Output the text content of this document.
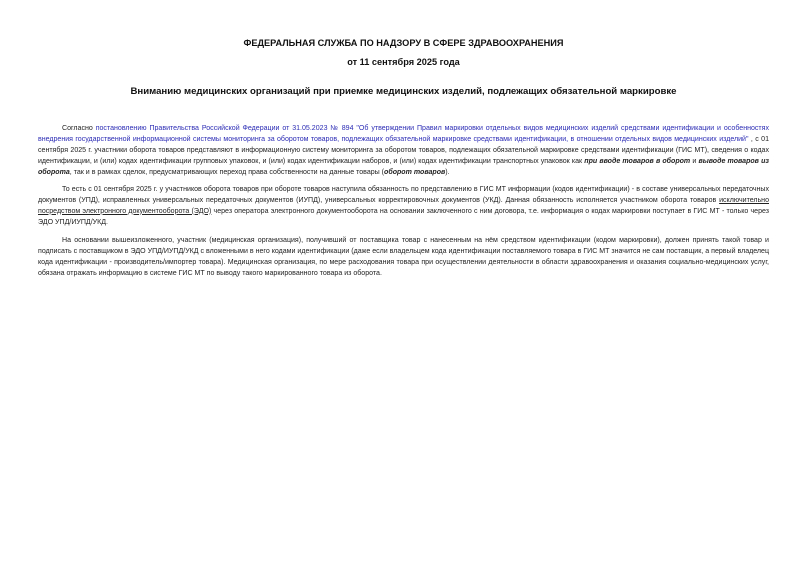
ФЕДЕРАЛЬНАЯ СЛУЖБА ПО НАДЗОРУ В СФЕРЕ ЗДРАВООХРАНЕНИЯ
от 11 сентября 2025 года
Вниманию медицинских организаций при приемке медицинских изделий, подлежащих обязательной маркировке

Согласно постановлению Правительства Российской Федерации от 31.05.2023 № 894 "Об утверждении Правил маркировки отдельных видов медицинских изделий средствами идентификации и особенностях внедрения государственной информационной системы мониторинга за оборотом товаров, подлежащих обязательной маркировке средствами идентификации, в отношении отдельных видов медицинских изделий" , с 01 сентября 2025 г. участники оборота товаров представляют в информационную систему мониторинга за оборотом товаров, подлежащих обязательной маркировке средствами идентификации (ГИС МТ), сведения о кодах идентификации, и (или) кодах идентификации групповых упаковок, и (или) кодах идентификации наборов, и (или) кодах идентификации транспортных упаковок как при вводе товаров в оборот и выводе товаров из оборота, так и в рамках сделок, предусматривающих переход права собственности на данные товары (оборот товаров).

То есть с 01 сентября 2025 г. у участников оборота товаров при обороте товаров наступила обязанность по представлению в ГИС МТ информации (кодов идентификации) - в составе универсальных передаточных документов (УПД), исправленных универсальных передаточных документов (ИУПД), универсальных корректировочных документов (УКД). Данная обязанность исполняется участником оборота товаров исключительно посредством электронного документооборота (ЭДО) через оператора электронного документооборота на основании заключенного с ним договора, т.е. информация о кодах маркировки поступает в ГИС МТ - только через ЭДО УПД/ИУПД/УКД.

На основании вышеизложенного, участник (медицинская организация), получивший от поставщика товар с нанесенным на нём средством идентификации (кодом маркировки), должен принять такой товар и подписать с поставщиком в ЭДО УПД/ИУПД/УКД с вложенными в него кодами идентификации (даже если владельцем кода идентификации поставляемого товара в ГИС МТ значится не сам поставщик, а первый владелец кода идентификации - производитель/импортер товара). Медицинская организация, по мере расходования товара при осуществлении деятельности в области здравоохранения и оказания социально-медицинских услуг, обязана отражать информацию в системе ГИС МТ по выводу такого маркированного товара из оборота.
